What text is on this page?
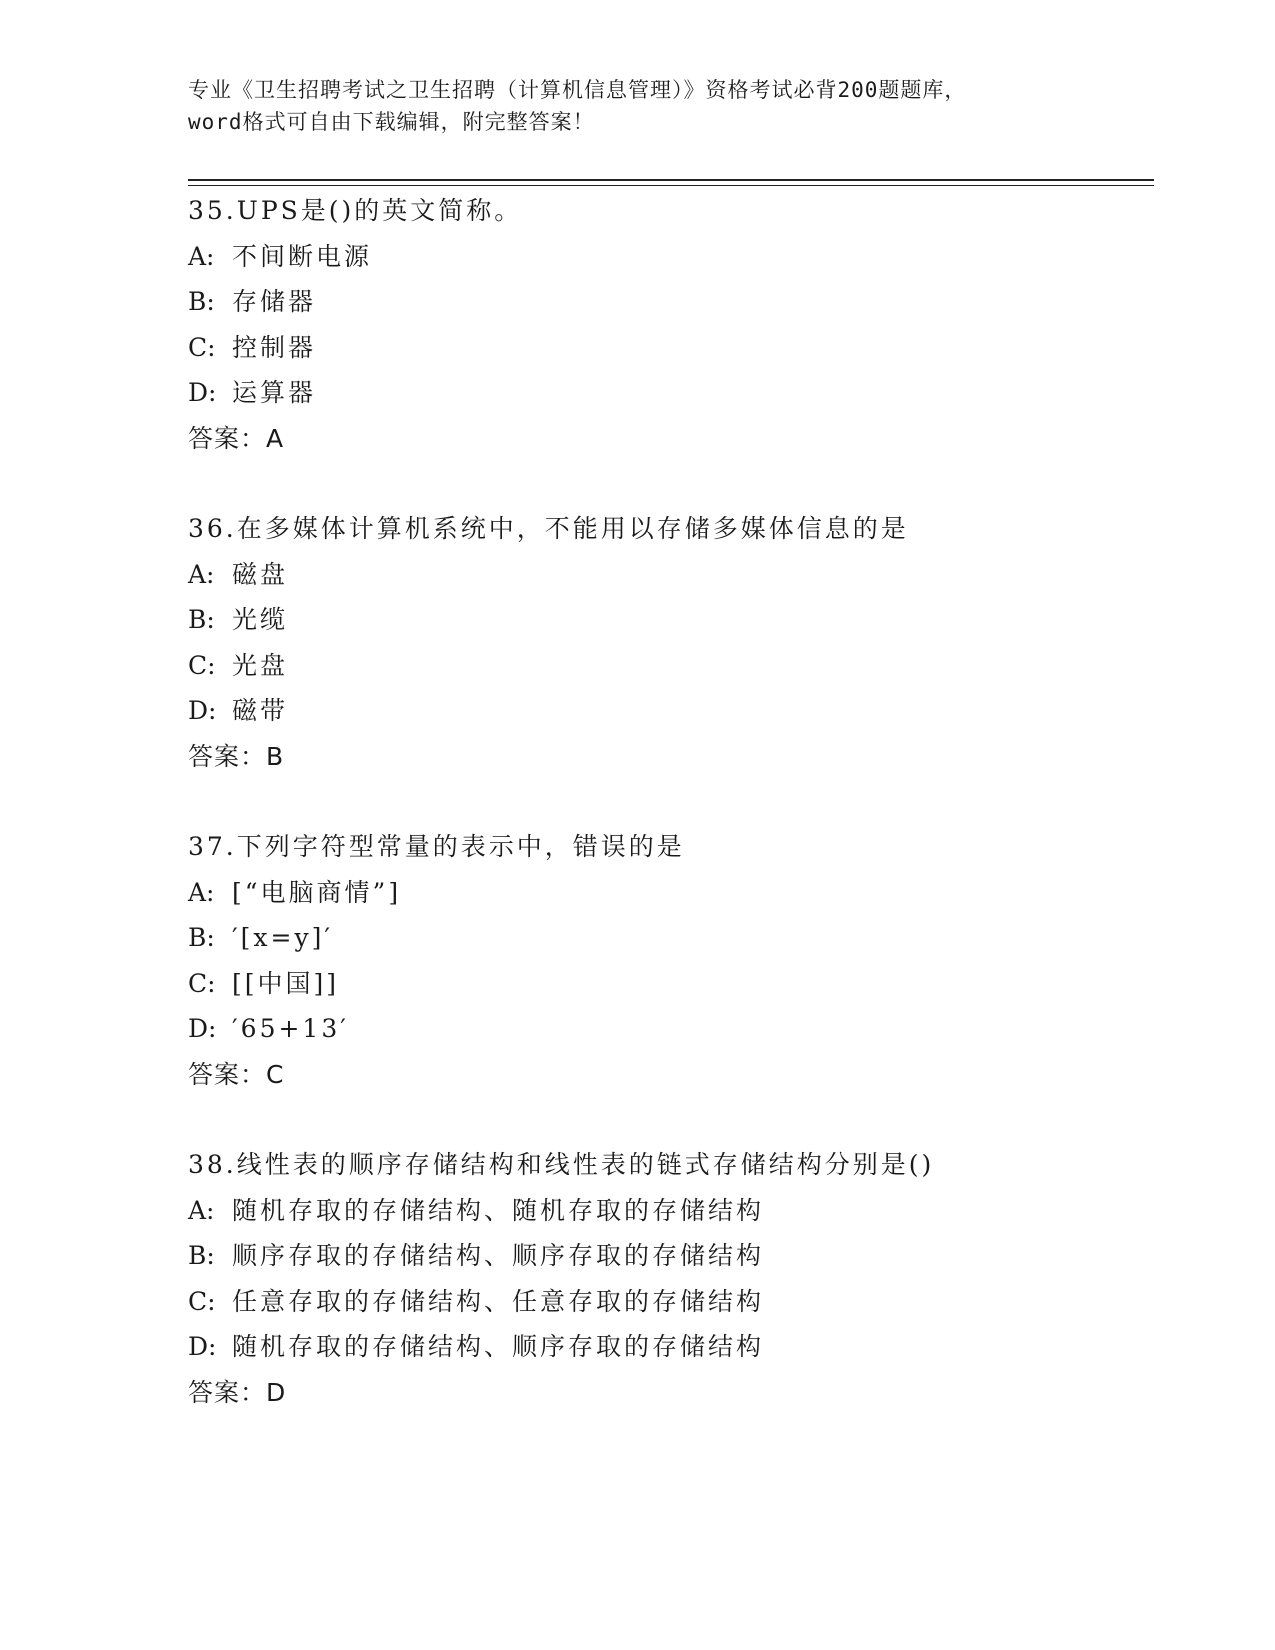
专业《卫生招聘考试之卫生招聘（计算机信息管理）》资格考试必背200题题库，
word格式可自由下载编辑，附完整答案！
35.UPS是()的英文简称。
A: 不间断电源
B: 存储器
C: 控制器
D: 运算器
答案：A
36.在多媒体计算机系统中，不能用以存储多媒体信息的是
A: 磁盘
B: 光缆
C: 光盘
D: 磁带
答案：B
37.下列字符型常量的表示中，错误的是
A: [“电脑商情”]
B: ′[x=y]′
C: [[中国]]
D: ′65+13′
答案：C
38.线性表的顺序存储结构和线性表的链式存储结构分别是()
A: 随机存取的存储结构、随机存取的存储结构
B: 顺序存取的存储结构、顺序存取的存储结构
C: 任意存取的存储结构、任意存取的存储结构
D: 随机存取的存储结构、顺序存取的存储结构
答案：D
